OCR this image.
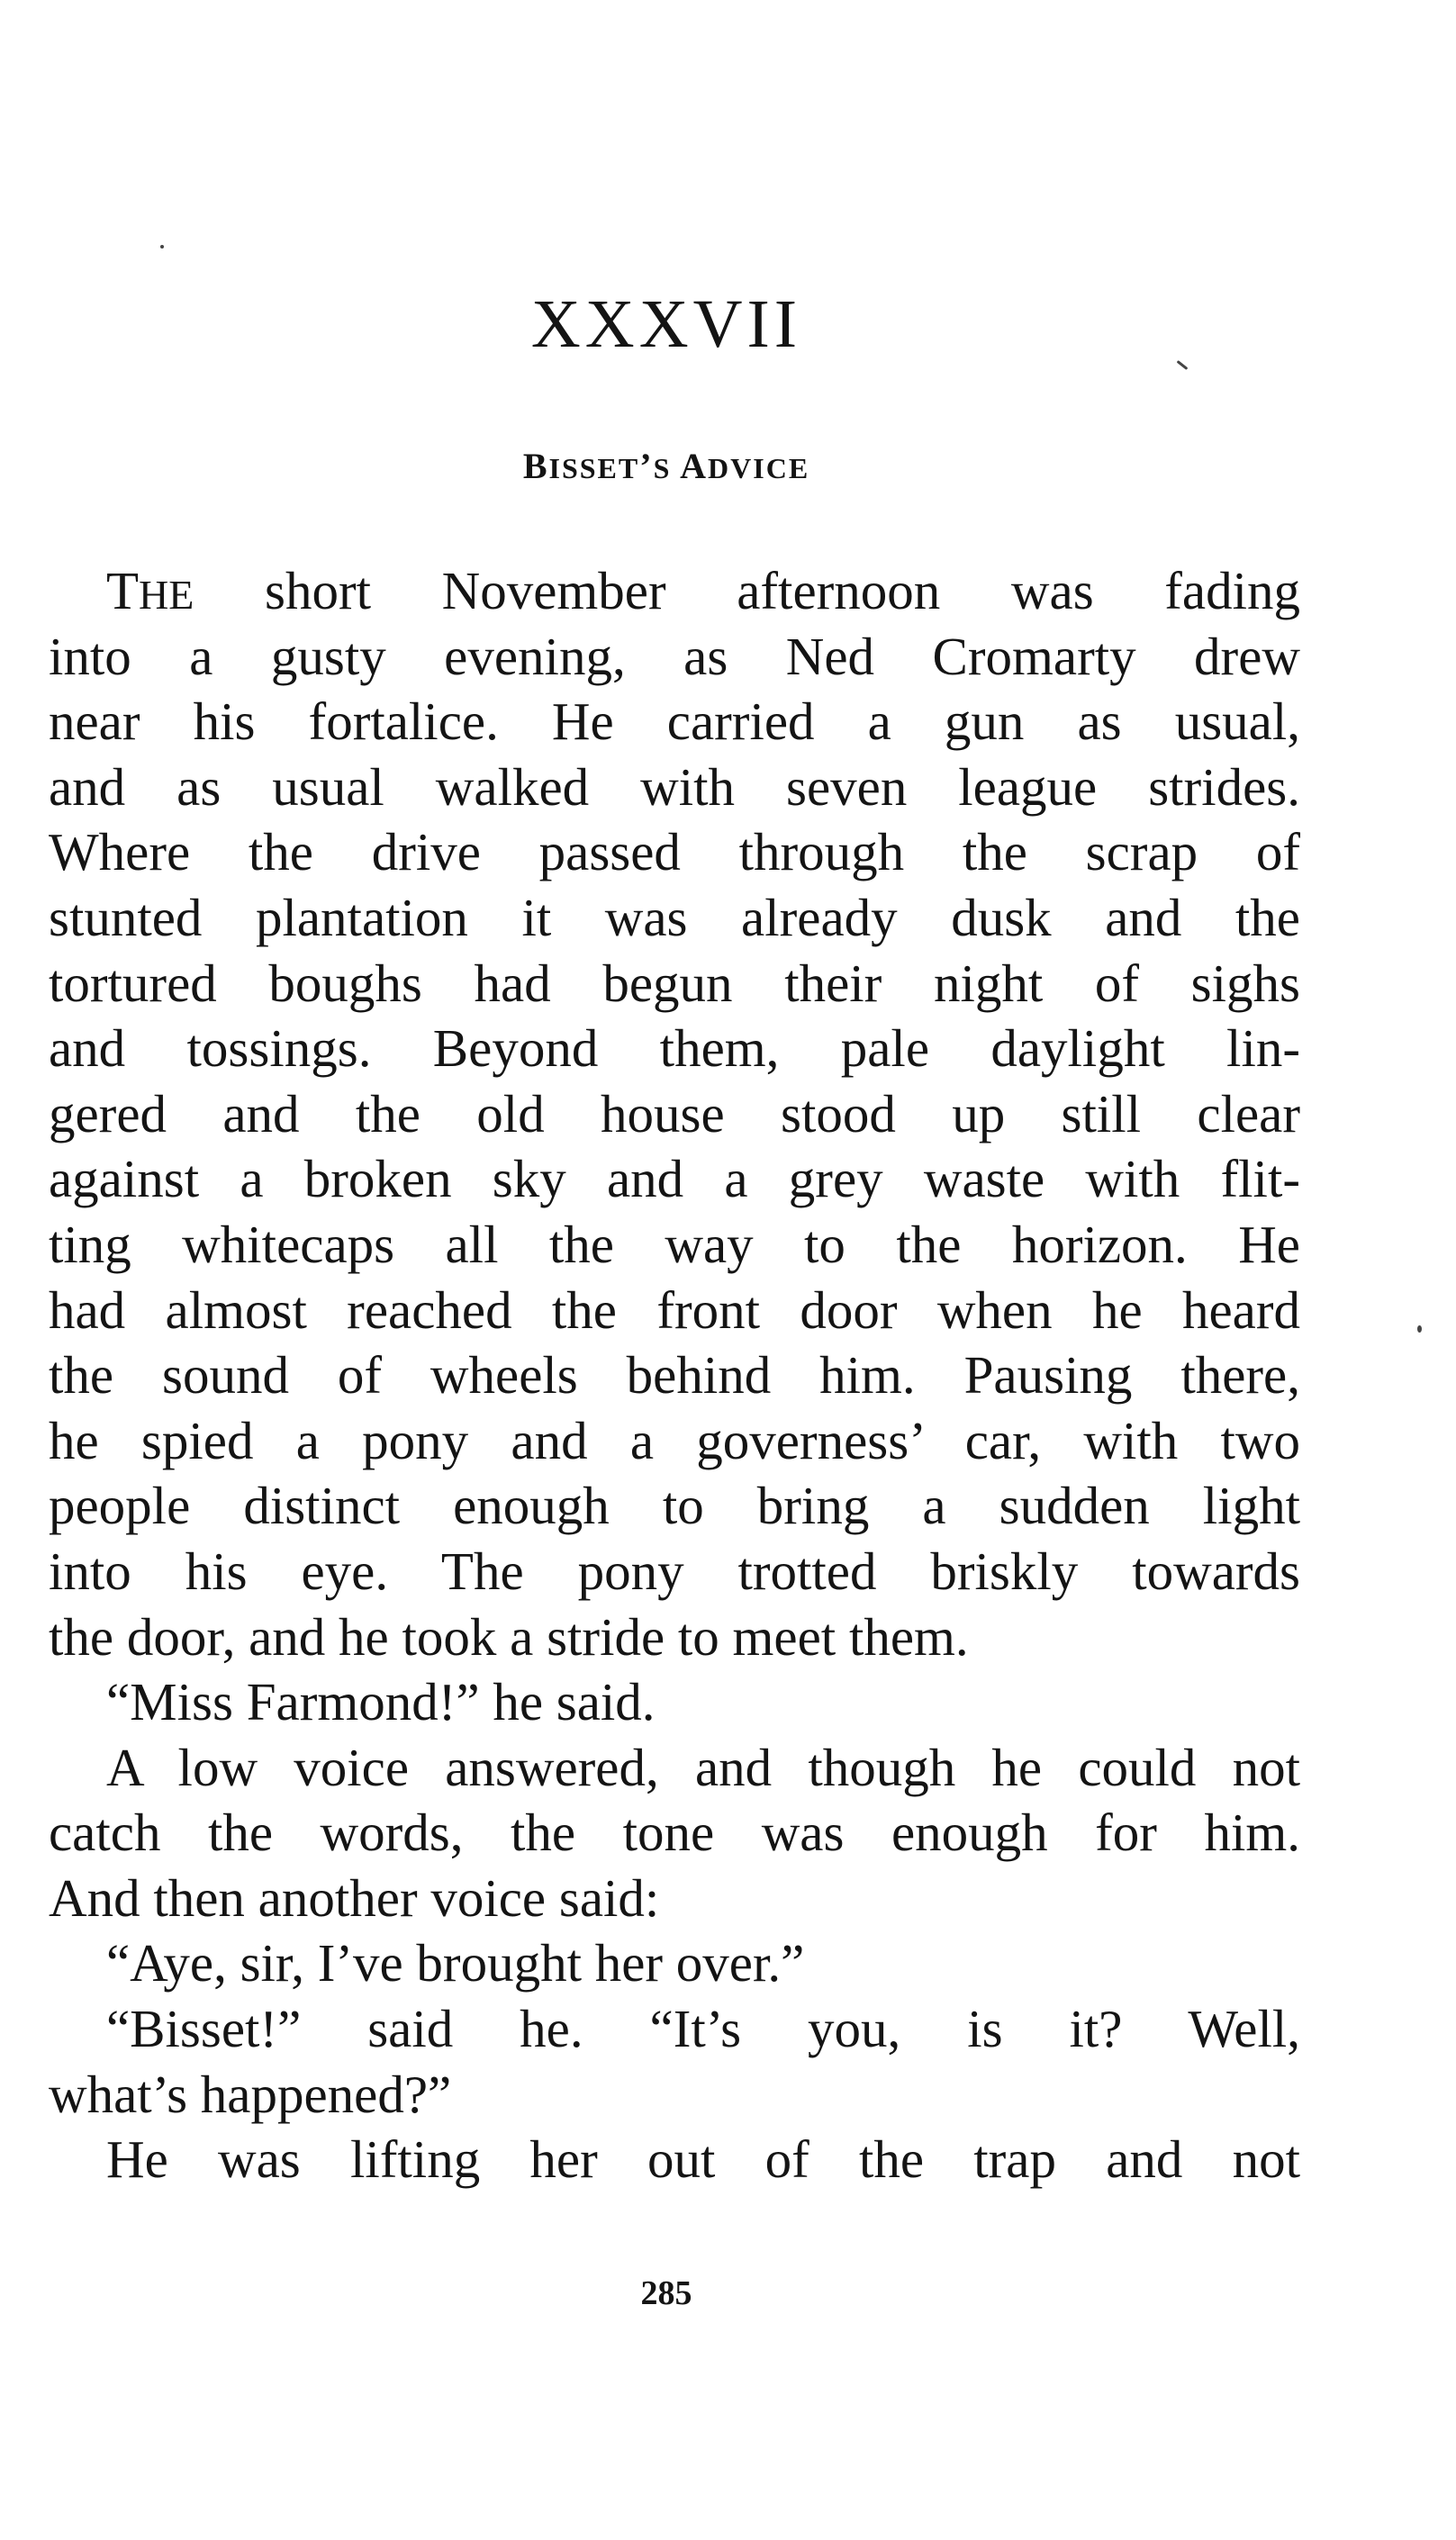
XXXVII
BISSET’S ADVICE
THE short November afternoon was fading
into a gusty evening, as Ned Cromarty drew
near his fortalice. He carried a gun as usual,
and as usual walked with seven league strides.
Where the drive passed through the scrap of
stunted plantation it was already dusk and the
tortured boughs had begun their night of sighs
and tossings. Beyond them, pale daylight lin-
gered and the old house stood up still clear
against a broken sky and a grey waste with flit-
ting whitecaps all the way to the horizon. He
had almost reached the front door when he heard
the sound of wheels behind him. Pausing there,
he spied a pony and a governess’ car, with two
people distinct enough to bring a sudden light
into his eye. The pony trotted briskly towards
the door, and he took a stride to meet them.
“Miss Farmond!” he said.
A low voice answered, and though he could not
catch the words, the tone was enough for him.
And then another voice said:
“Aye, sir, I’ve brought her over.”
“Bisset!” said he. “It’s you, is it? Well,
what’s happened?”
He was lifting her out of the trap and not
285
